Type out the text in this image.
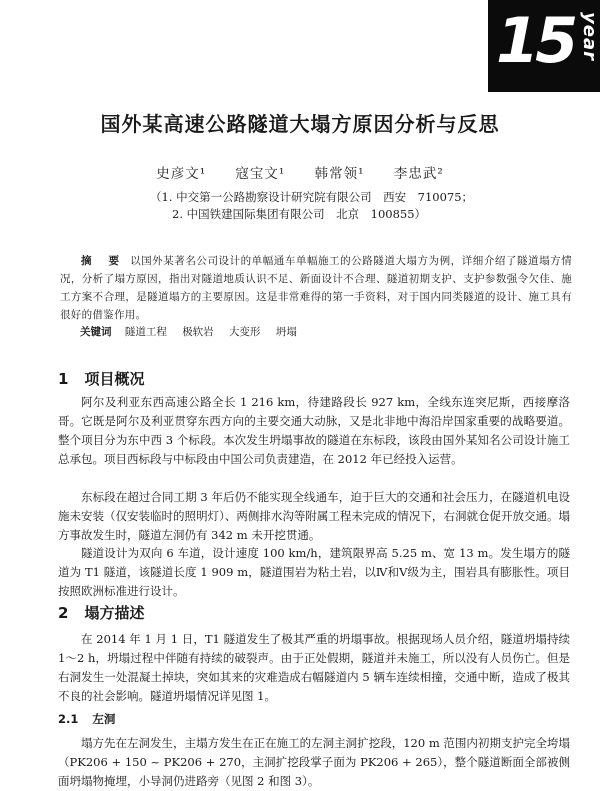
15 year
国外某高速公路隧道大塌方原因分析与反思
史彦文¹ 寇宝文¹ 韩常领¹ 李忠武²
（1. 中交第一公路勘察设计研究院有限公司　西安　710075；
2. 中国铁建国际集团有限公司　北京　100855）
摘　要 以国外某著名公司设计的单幅通车单幅施工的公路隧道大塌方为例，详细介绍了隧道塌方情况，分析了塌方原因，指出对隧道地质认识不足、新面设计不合理、隧道初期支护、支护参数强令欠佳、施工方案不合理，是隧道塌方的主要原因。这是非常难得的第一手资料，对于国内同类隧道的设计、施工具有很好的借鉴作用。
关键词 隧道工程 极软岩 大变形 坍塌
1 项目概况
阿尔及利亚东西高速公路全长 1 216 km，待建路段长 927 km，全线东连突尼斯，西接摩洛哥。它既是阿尔及利亚贯穿东西方向的主要交通大动脉，又是北非地中海沿岸国家重要的战略要道。整个项目分为东中西 3 个标段。本次发生坍塌事故的隧道在东标段，该段由国外某知名公司设计施工总承包。项目西标段与中标段由中国公司负责建造，在 2012 年已经投入运营。
东标段在超过合同工期 3 年后仍不能实现全线通车，迫于巨大的交通和社会压力，在隧道机电设施未安装（仅安装临时的照明灯）、两侧排水沟等附属工程未完成的情况下，右洞就仓促开放交通。塌方事故发生时，隧道左洞仍有 342 m 未开挖贯通。
隧道设计为双向 6 车道，设计速度 100 km/h，建筑限界高 5.25 m、宽 13 m。发生塌方的隧道为 T1 隧道，该隧道长度 1 909 m，隧道围岩为粘土岩，以Ⅳ和Ⅴ级为主，围岩具有膨胀性。项目按照欧洲标准进行设计。
2 塌方描述
在 2014 年 1 月 1 日，T1 隧道发生了极其严重的坍塌事故。根据现场人员介绍，隧道坍塌持续 1～2 h，坍塌过程中伴随有持续的破裂声。由于正处假期，隧道并未施工，所以没有人员伤亡。但是右洞发生一处混凝土掉块，突如其来的灾难造成右幅隧道内 5 辆车连续相撞，交通中断，造成了极其不良的社会影响。隧道坍塌情况详见图 1。
2.1 左洞
塌方先在左洞发生，主塌方发生在正在施工的左洞主洞扩挖段，120 m 范围内初期支护完全垮塌（PK206 + 150 ~ PK206 + 270，主洞扩挖段掌子面为 PK206 + 265），整个隧道断面全部被侧面坍塌物掩埋，小导洞仍进路旁（见图 2 和图 3）。
